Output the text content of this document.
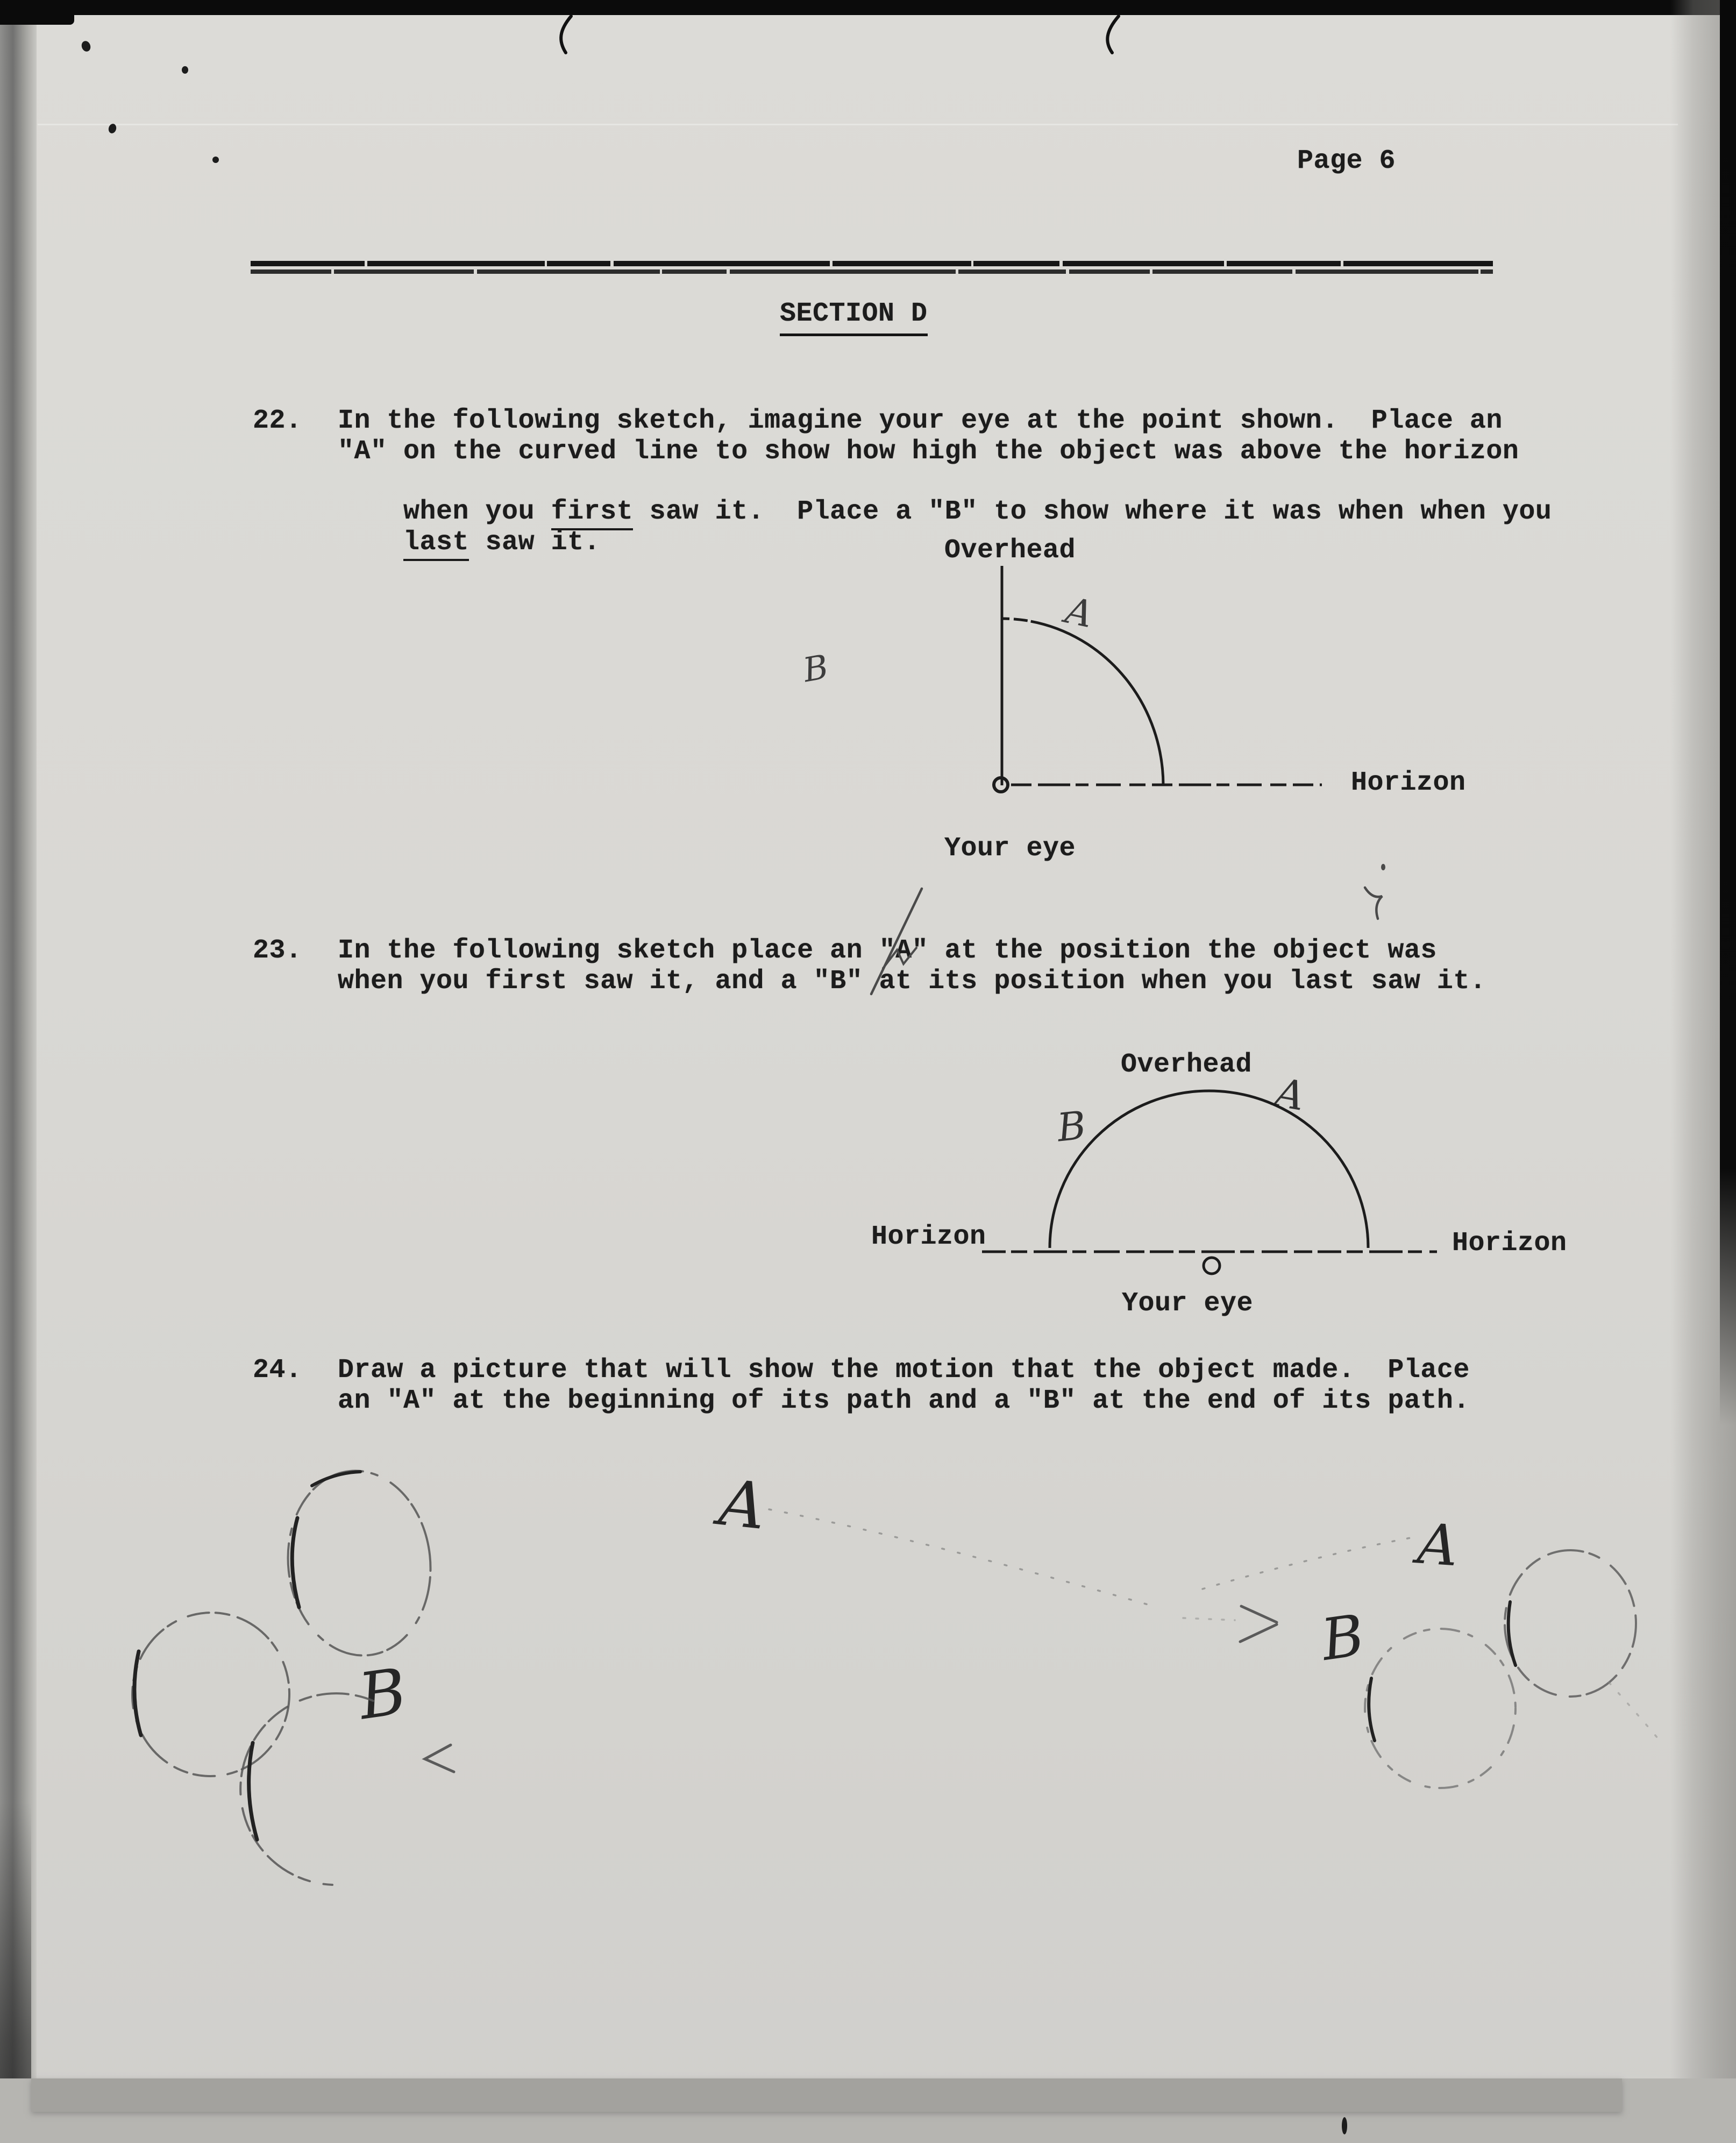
Page 6
SECTION D
22. In the following sketch, imagine your eye at the point shown.  Place an
"A" on the curved line to show how high the object was above the horizon

when you first saw it.  Place a "B" to show where it was when when you

last saw it.
	Overhead
Horizon
Your eye
A
B
23. In the following sketch place an "A" at the position the object was
when you first saw it, and a "B" at its position when you last saw it.
Overhead
Horizon	Horizon
Your eye
A
B
24. Draw a picture that will show the motion that the object made.  Place
an "A" at the beginning of its path and a "B" at the end of its path.
A
B
A
B
